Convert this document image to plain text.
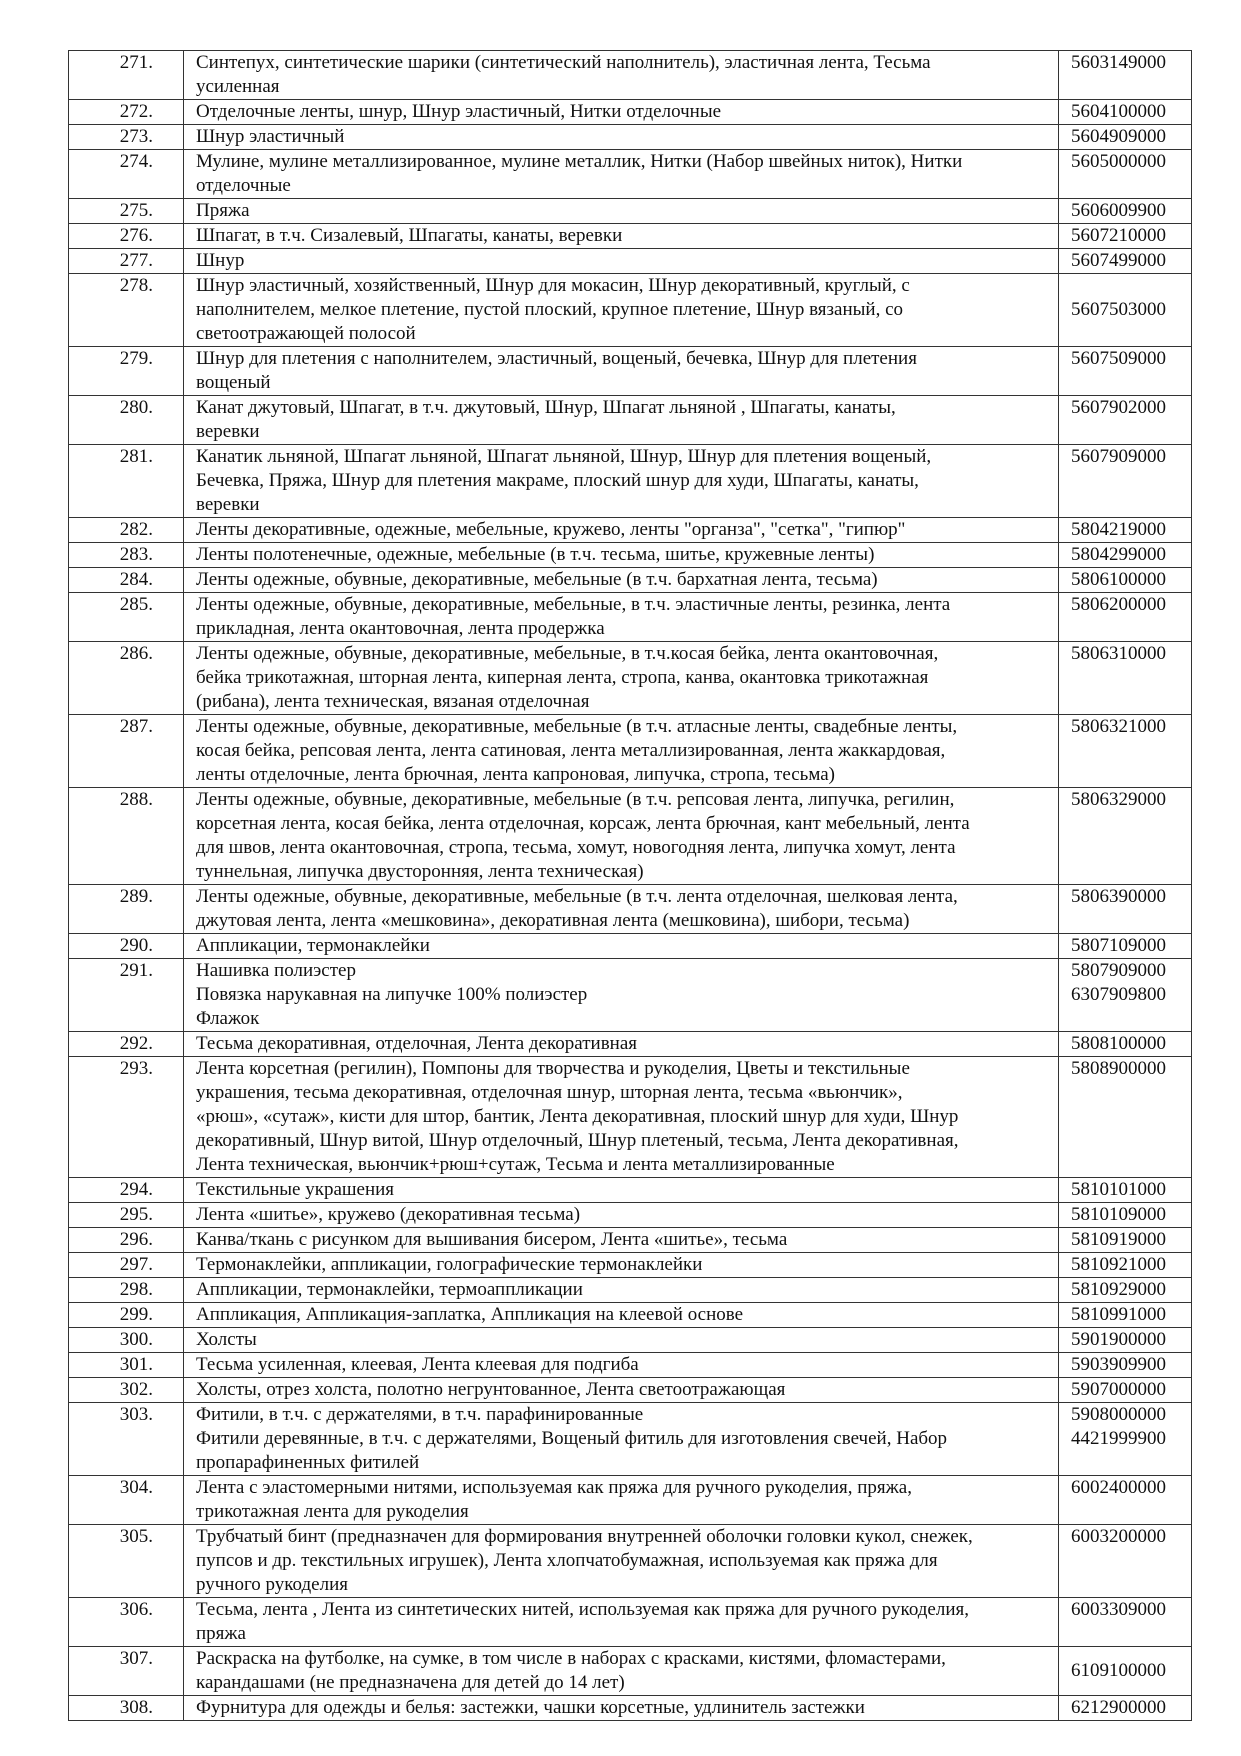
271.	Синтепух, синтетические шарики (синтетический наполнитель), эластичная лента, Тесьма
усиленная	5603149000

272.	Отделочные ленты, шнур, Шнур эластичный, Нитки отделочные	5604100000

273.	Шнур эластичный	5604909000

274.	Мулине, мулине металлизированное, мулине металлик, Нитки (Набор швейных ниток), Нитки
отделочные	5605000000

275.	Пряжа	5606009900

276.	Шпагат, в т.ч. Сизалевый, Шпагаты, канаты, веревки	5607210000

277.	Шнур	5607499000

278.	Шнур эластичный, хозяйственный, Шнур для мокасин, Шнур декоративный, круглый, с
наполнителем, мелкое плетение, пустой плоский, крупное плетение, Шнур вязаный, со
светоотражающей полосой	5607503000

279.	Шнур для плетения с наполнителем, эластичный, вощеный, бечевка, Шнур для плетения
вощеный	5607509000

280.	Канат джутовый, Шпагат, в т.ч. джутовый, Шнур, Шпагат льняной , Шпагаты, канаты,
веревки	5607902000

281.	Канатик льняной, Шпагат льняной, Шпагат льняной, Шнур, Шнур для плетения вощеный,
Бечевка, Пряжа, Шнур для плетения макраме, плоский шнур для худи, Шпагаты, канаты,
веревки	5607909000

282.	Ленты декоративные, одежные, мебельные, кружево, ленты "органза", "сетка", "гипюр"	5804219000

283.	Ленты полотенечные, одежные, мебельные (в т.ч. тесьма, шитье, кружевные ленты)	5804299000

284.	Ленты одежные, обувные, декоративные, мебельные (в т.ч. бархатная лента, тесьма)	5806100000

285.	Ленты одежные, обувные, декоративные, мебельные, в т.ч. эластичные ленты, резинка, лента
прикладная, лента окантовочная, лента продержка	5806200000

286.	Ленты одежные, обувные, декоративные, мебельные, в т.ч.косая бейка, лента окантовочная,
бейка трикотажная, шторная лента, киперная лента, стропа, канва, окантовка трикотажная
(рибана), лента техническая, вязаная отделочная	5806310000

287.	Ленты одежные, обувные, декоративные, мебельные (в т.ч. атласные ленты, свадебные ленты,
косая бейка, репсовая лента, лента сатиновая, лента металлизированная, лента жаккардовая,
ленты отделочные, лента брючная, лента капроновая, липучка, стропа, тесьма)	5806321000

288.	Ленты одежные, обувные, декоративные, мебельные (в т.ч. репсовая лента, липучка, регилин,
корсетная лента, косая бейка, лента отделочная, корсаж, лента брючная, кант мебельный, лента
для швов, лента окантовочная, стропа, тесьма, хомут, новогодняя лента, липучка хомут, лента
туннельная, липучка двусторонняя, лента техническая)	5806329000

289.	Ленты одежные, обувные, декоративные, мебельные (в т.ч. лента отделочная, шелковая лента,
джутовая лента, лента «мешковина», декоративная лента (мешковина), шибори, тесьма)	5806390000

290.	Аппликации, термонаклейки	5807109000

291.	Нашивка полиэстер
Повязка нарукавная на липучке 100% полиэстер
Флажок	5807909000
6307909800

292.	Тесьма декоративная, отделочная, Лента декоративная	5808100000

293.	Лента корсетная (регилин), Помпоны для творчества и рукоделия, Цветы и текстильные
украшения, тесьма декоративная, отделочная шнур, шторная лента, тесьма «вьюнчик»,
«рюш», «сутаж», кисти для штор, бантик, Лента декоративная, плоский шнур для худи, Шнур
декоративный, Шнур витой, Шнур отделочный, Шнур плетеный, тесьма, Лента декоративная,
Лента техническая, вьюнчик+рюш+сутаж, Тесьма и лента металлизированные	5808900000

294.	Текстильные украшения	5810101000

295.	Лента «шитье», кружево (декоративная тесьма)	5810109000

296.	Канва/ткань с рисунком для вышивания бисером, Лента «шитье», тесьма	5810919000

297.	Термонаклейки, аппликации, голографические термонаклейки	5810921000

298.	Аппликации, термонаклейки, термоаппликации	5810929000

299.	Аппликация, Аппликация-заплатка, Аппликация на клеевой основе	5810991000

300.	Холсты	5901900000

301.	Тесьма усиленная, клеевая, Лента клеевая для подгиба	5903909900

302.	Холсты, отрез холста, полотно негрунтованное, Лента светоотражающая	5907000000

303.	Фитили, в т.ч. с держателями, в т.ч. парафинированные
Фитили деревянные, в т.ч. с держателями, Вощеный фитиль для изготовления свечей, Набор
пропарафиненных фитилей	5908000000
4421999900

304.	Лента с эластомерными нитями, используемая как пряжа для ручного рукоделия, пряжа,
трикотажная лента для рукоделия	6002400000

305.	Трубчатый бинт (предназначен для формирования внутренней оболочки головки кукол, снежек,
пупсов и др. текстильных игрушек), Лента хлопчатобумажная, используемая как пряжа для
ручного рукоделия	6003200000

306.	Тесьма, лента , Лента из синтетических нитей, используемая как пряжа для ручного рукоделия,
пряжа	6003309000

307.	Раскраска на футболке, на сумке, в том числе в наборах с красками, кистями, фломастерами,
карандашами (не предназначена для детей до 14 лет)	6109100000

308.	Фурнитура для одежды и белья: застежки, чашки корсетные, удлинитель застежки	6212900000
